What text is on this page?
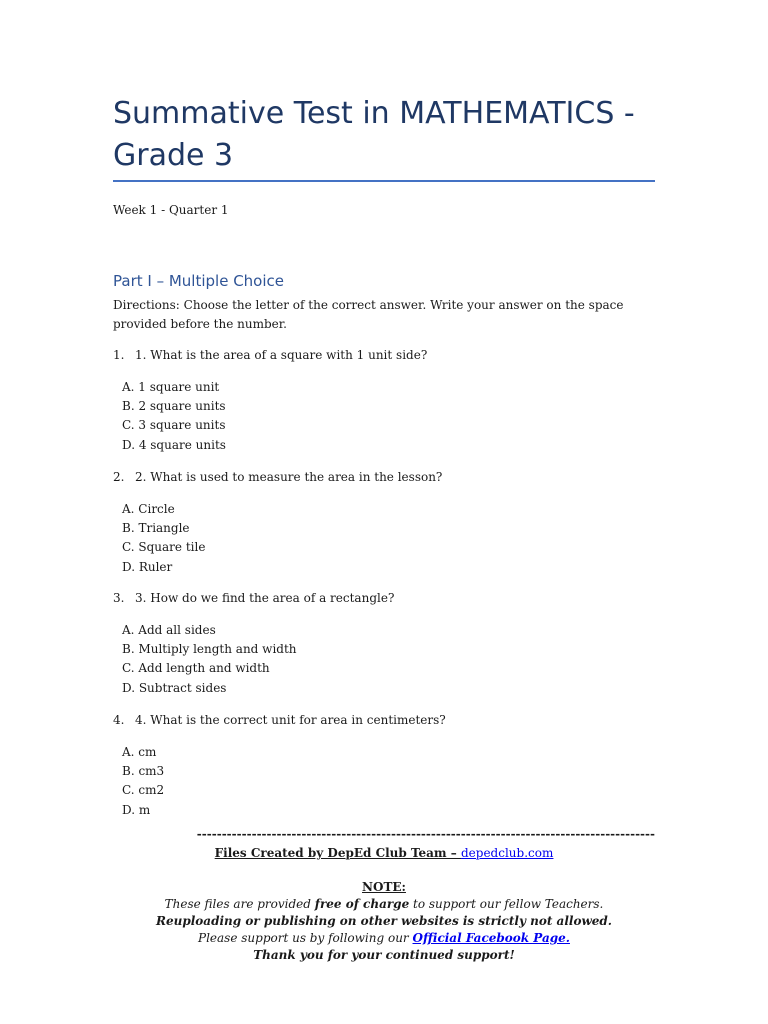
Summative Test in MATHEMATICS - Grade 3
Week 1 - Quarter 1
Part I – Multiple Choice
Directions: Choose the letter of the correct answer. Write your answer on the space provided before the number.
1. 1. What is the area of a square with 1 unit side?
A. 1 square unit
B. 2 square units
C. 3 square units
D. 4 square units
2. 2. What is used to measure the area in the lesson?
A. Circle
B. Triangle
C. Square tile
D. Ruler
3. 3. How do we find the area of a rectangle?
A. Add all sides
B. Multiply length and width
C. Add length and width
D. Subtract sides
4. 4. What is the correct unit for area in centimeters?
A. cm
B. cm3
C. cm2
D. m
--------------------------------------------------------------------------------------------
Files Created by DepEd Club Team – depedclub.com
NOTE:
These files are provided free of charge to support our fellow Teachers.
Reuploading or publishing on other websites is strictly not allowed.
Please support us by following our Official Facebook Page.
Thank you for your continued support!
